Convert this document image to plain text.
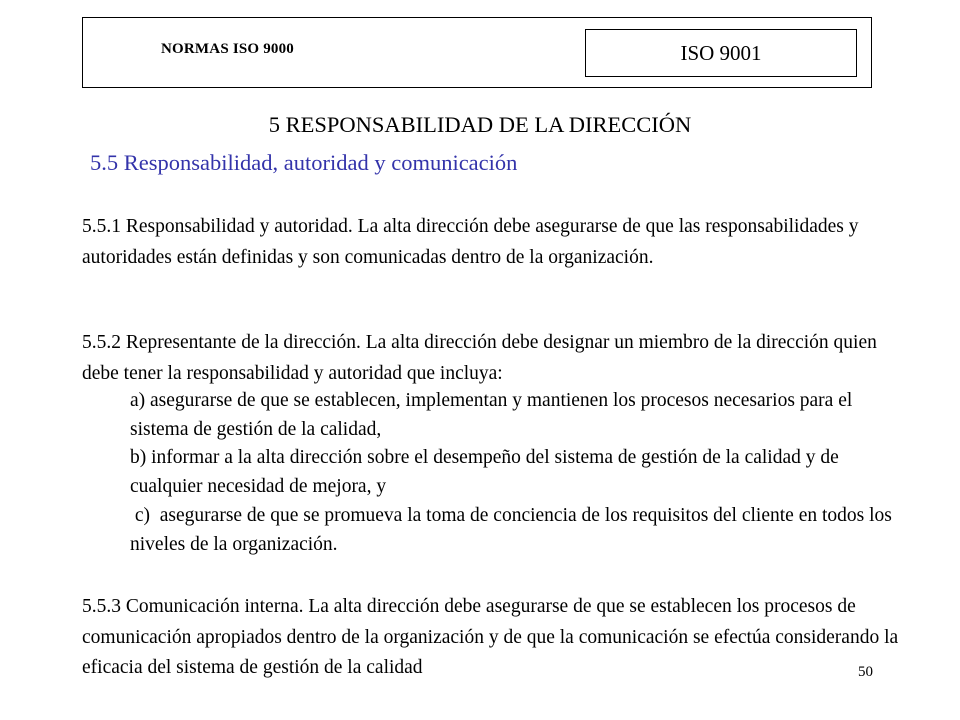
NORMAS ISO 9000	ISO 9001
5 RESPONSABILIDAD DE LA DIRECCIÓN
5.5 Responsabilidad, autoridad y comunicación

5.5.1 Responsabilidad y autoridad. La alta dirección debe asegurarse de que las responsabilidades y autoridades están definidas y son comunicadas dentro de la organización.

5.5.2 Representante de la dirección. La alta dirección debe designar un miembro de la dirección quien debe tener la responsabilidad y autoridad que incluya:

a) asegurarse de que se establecen, implementan y mantienen los procesos necesarios para el sistema de gestión de la calidad,

b) informar a la alta dirección sobre el desempeño del sistema de gestión de la calidad y de cualquier necesidad de mejora, y

c)  asegurarse de que se promueva la toma de conciencia de los requisitos del cliente en todos los niveles de la organización.

5.5.3 Comunicación interna. La alta dirección debe asegurarse de que se establecen los procesos de comunicación apropiados dentro de la organización y de que la comunicación se efectúa considerando la eficacia del sistema de gestión de la calidad	50
